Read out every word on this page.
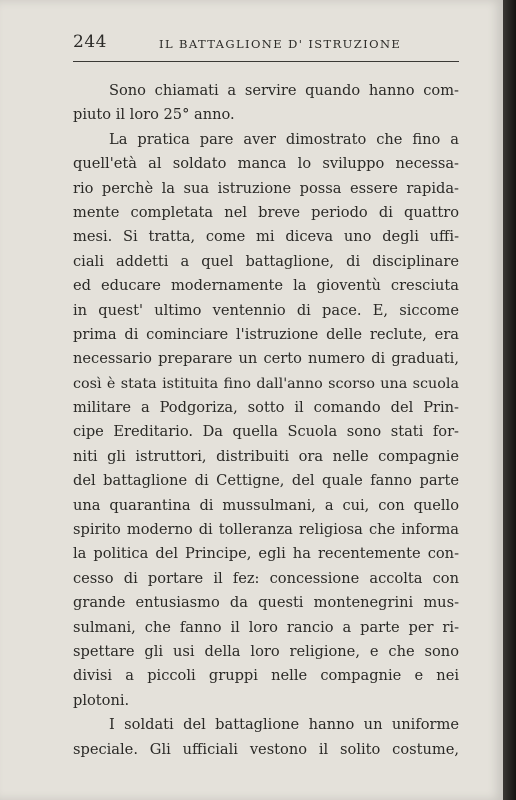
244	IL BATTAGLIONE D' ISTRUZIONE
Sono chiamati a servire quando hanno com-
piuto il loro 25° anno.
La pratica pare aver dimostrato che fino a
quell'età al soldato manca lo sviluppo necessa-
rio perchè la sua istruzione possa essere rapida-
mente completata nel breve periodo di quattro
mesi. Si tratta, come mi diceva uno degli uffi-
ciali addetti a quel battaglione, di disciplinare
ed educare modernamente la gioventù cresciuta
in quest' ultimo ventennio di pace. E, siccome
prima di cominciare l'istruzione delle reclute, era
necessario preparare un certo numero di graduati,
così è stata istituita fino dall'anno scorso una scuola
militare a Podgoriza, sotto il comando del Prin-
cipe Ereditario. Da quella Scuola sono stati for-
niti gli istruttori, distribuiti ora nelle compagnie
del battaglione di Cettigne, del quale fanno parte
una quarantina di mussulmani, a cui, con quello
spirito moderno di tolleranza religiosa che informa
la politica del Principe, egli ha recentemente con-
cesso di portare il fez: concessione accolta con
grande entusiasmo da questi montenegrini mus-
sulmani, che fanno il loro rancio a parte per ri-
spettare gli usi della loro religione, e che sono
divisi a piccoli gruppi nelle compagnie e nei
plotoni.
I soldati del battaglione hanno un uniforme
speciale. Gli ufficiali vestono il solito costume,
